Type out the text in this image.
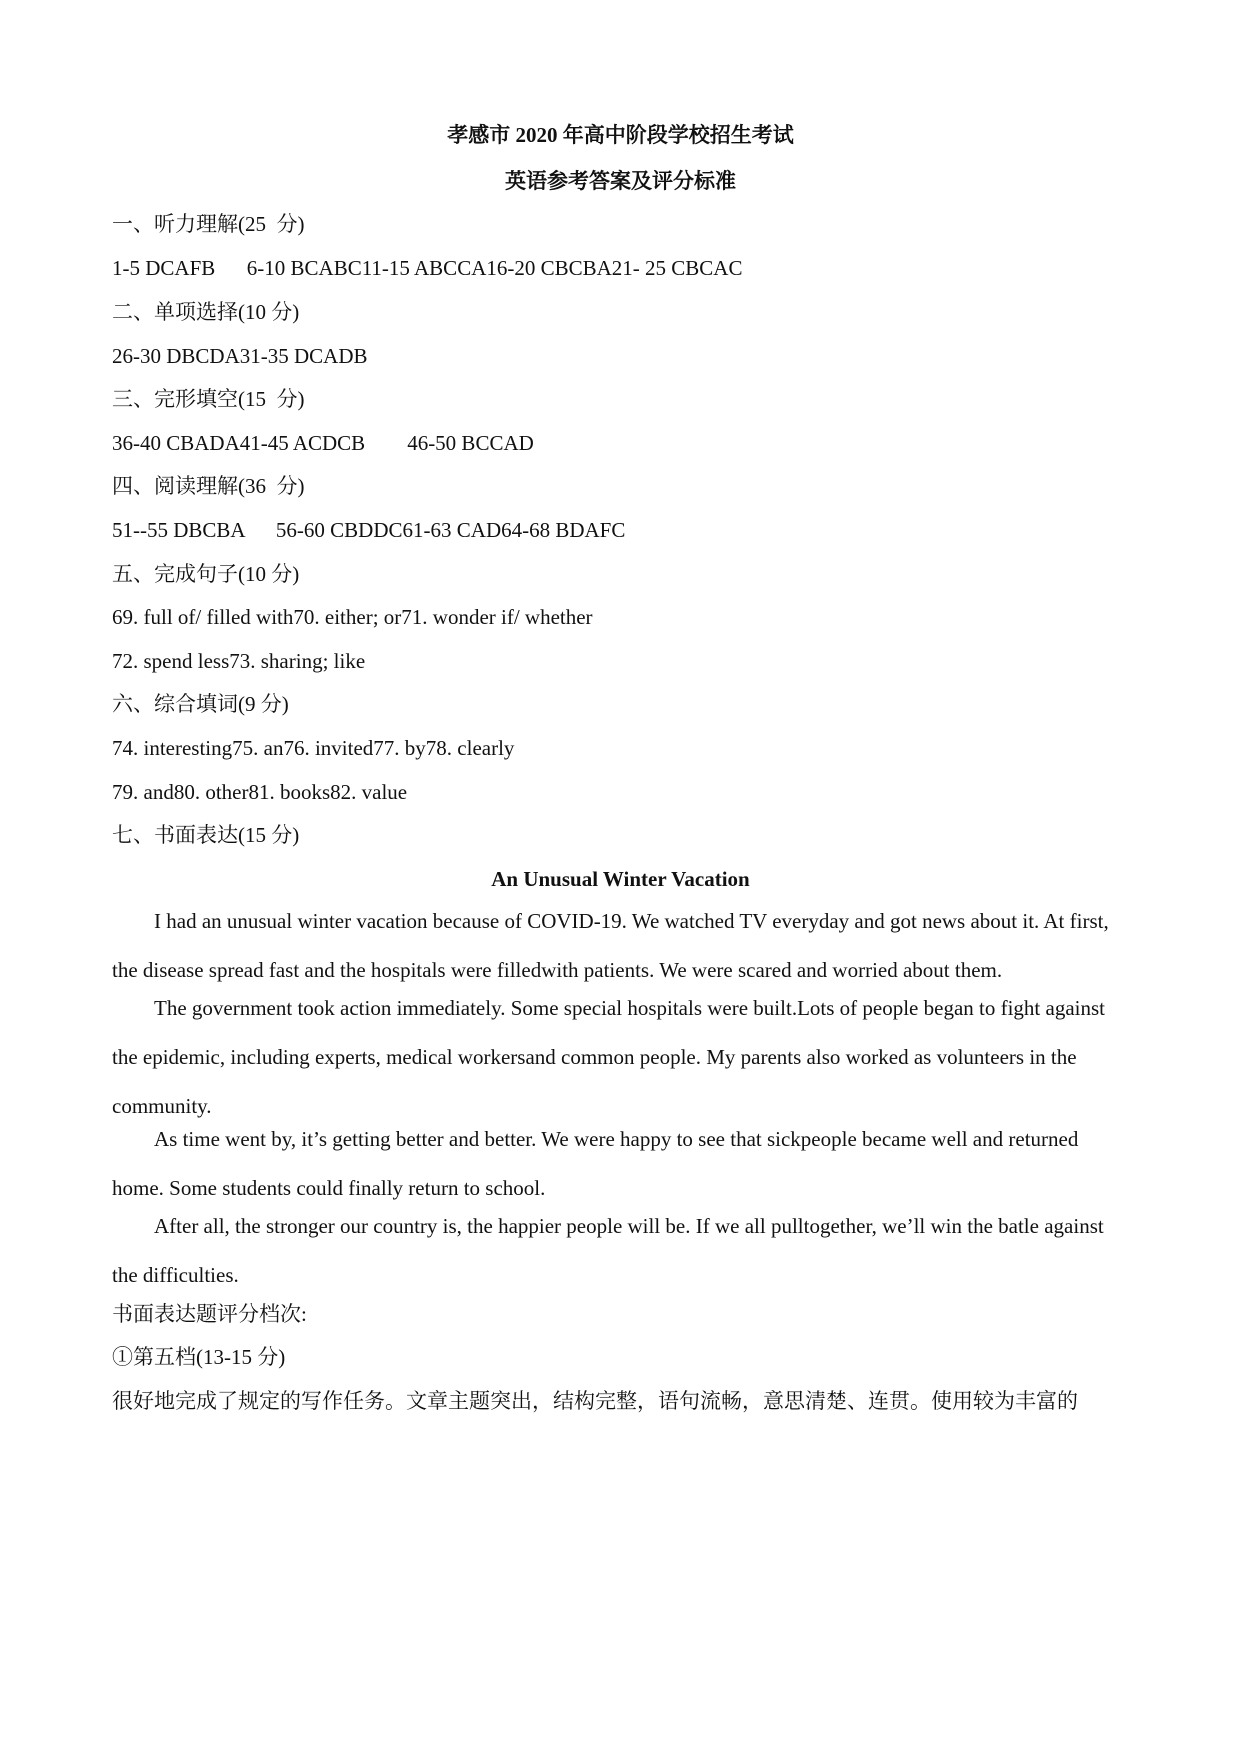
孝感市 2020 年高中阶段学校招生考试
英语参考答案及评分标准
一、听力理解(25  分)
1-5 DCAFB      6-10 BCABC11-15 ABCCA16-20 CBCBA21- 25 CBCAC
二、单项选择(10 分)
26-30 DBCDA31-35 DCADB
三、完形填空(15  分)
36-40 CBADA41-45 ACDCB        46-50 BCCAD
四、阅读理解(36  分)
51--55 DBCBA      56-60 CBDDC61-63 CAD64-68 BDAFC
五、完成句子(10 分)
69. full of/ filled with70. either; or71. wonder if/ whether
72. spend less73. sharing; like
六、综合填词(9 分)
74. interesting75. an76. invited77. by78. clearly
79. and80. other81. books82. value
七、书面表达(15 分)
An Unusual Winter Vacation
I had an unusual winter vacation because of COVID-19. We watched TV everyday and got news about it. At first, the disease spread fast and the hospitals were filledwith patients. We were scared and worried about them.
The government took action immediately. Some special hospitals were built.Lots of people began to fight against the epidemic, including experts, medical workersand common people. My parents also worked as volunteers in the community.
As time went by, it’s getting better and better. We were happy to see that sickpeople became well and returned home. Some students could finally return to school.
After all, the stronger our country is, the happier people will be. If we all pulltogether, we’ll win the batle against the difficulties.
书面表达题评分档次:
①第五档(13-15 分)
很好地完成了规定的写作任务。文章主题突出，结构完整，语句流畅，意思清楚、连贯。使用较为丰富的
